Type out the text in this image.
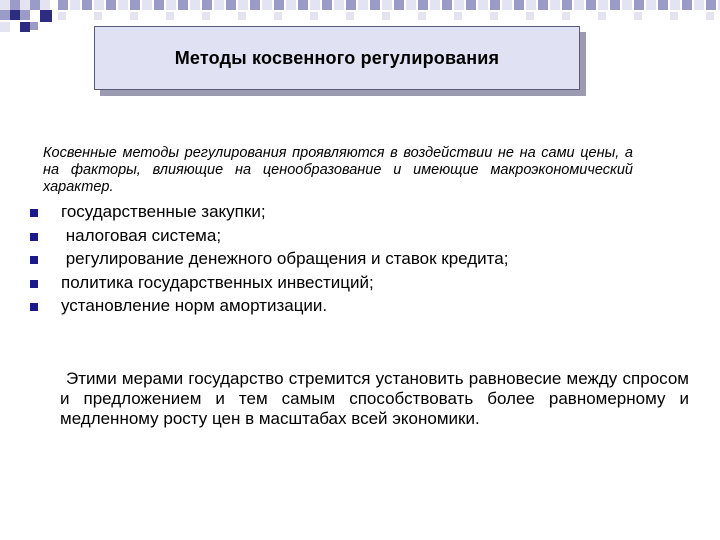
Методы косвенного регулирования

Косвенные методы регулирования проявляются в воздействии не на сами цены, а на факторы, влияющие на ценообразование и имеющие макроэкономический характер.

государственные закупки;
налоговая система;
регулирование денежного обращения и ставок кредита;
политика государственных инвестиций;
установление норм амортизации.

Этими мерами государство стремится установить равновесие между спросом и предложением и тем самым способствовать более равномерному и медленному росту цен в масштабах всей экономики.
